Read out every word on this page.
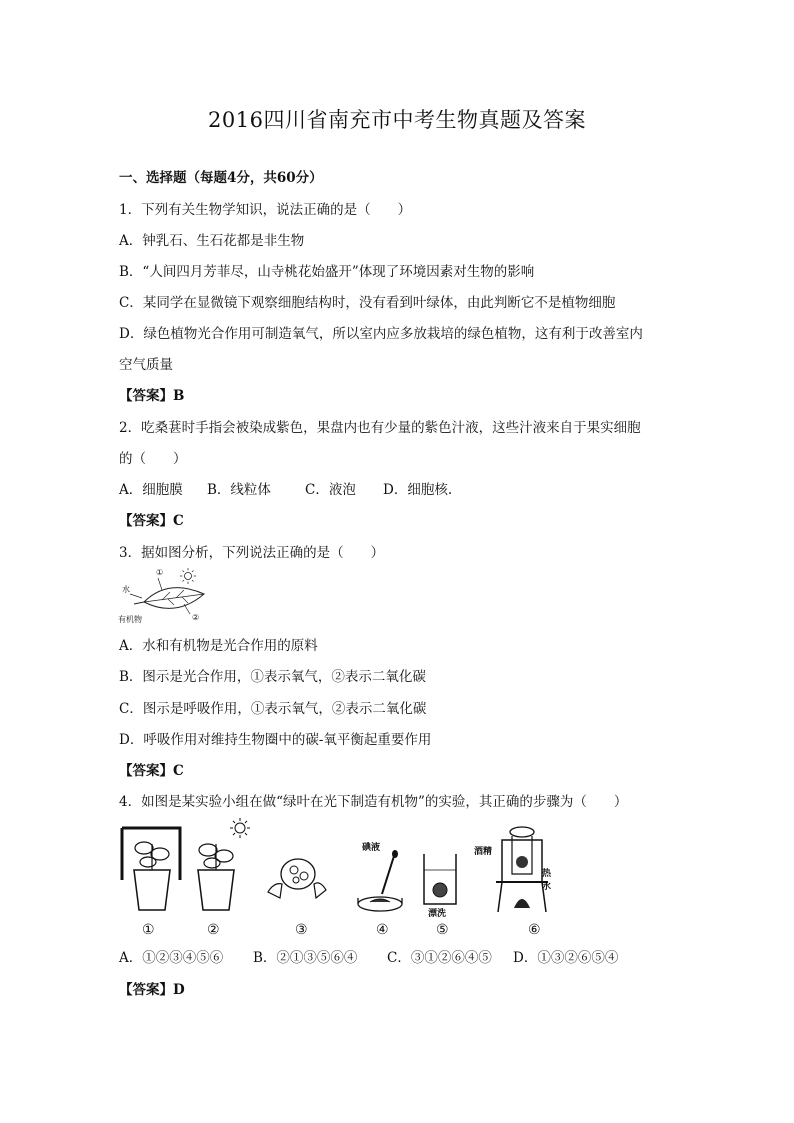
2016四川省南充市中考生物真题及答案
一、选择题（每题4分，共60分）
1．下列有关生物学知识，说法正确的是（　　）
A．钟乳石、生石花都是非生物
B．“人间四月芳菲尽，山寺桃花始盛开”体现了环境因素对生物的影响
C．某同学在显微镜下观察细胞结构时，没有看到叶绿体，由此判断它不是植物细胞
D．绿色植物光合作用可制造氧气，所以室内应多放栽培的绿色植物，这有利于改善室内
空气质量
【答案】B
2．吃桑葚时手指会被染成紫色，果盘内也有少量的紫色汁液，这些汁液来自于果实细胞
的（　　）
A．细胞膜 B．线粒体	C．液泡 D．细胞核.
【答案】C
3．据如图分析，下列说法正确的是（　　）
水
有机物
①
②
A．水和有机物是光合作用的原料
B．图示是光合作用，①表示氧气，②表示二氧化碳
C．图示是呼吸作用，①表示氧气，②表示二氧化碳
D．呼吸作用对维持生物圈中的碳-氧平衡起重要作用
【答案】C
4．如图是某实验小组在做“绿叶在光下制造有机物”的实验，其正确的步骤为（　　）
①	②	③	④	⑤	⑥
碘液
漂洗
酒精
热水
A．①②③④⑤⑥ B．②①③⑤⑥④ C．③①②⑥④⑤ D．①③②⑥⑤④
【答案】D
